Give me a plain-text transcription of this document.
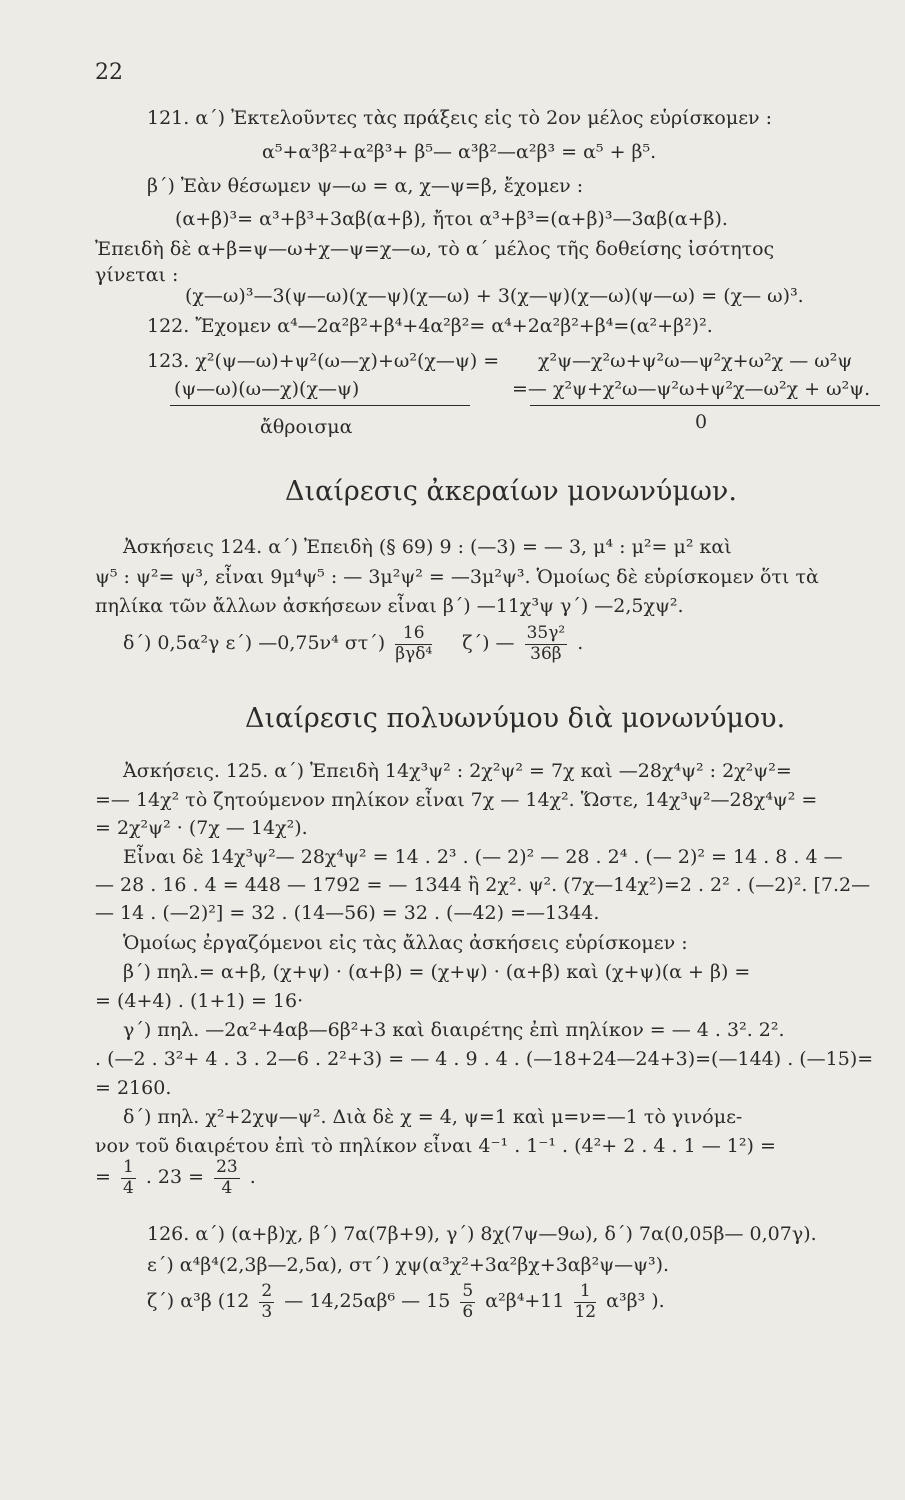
22
121. α΄) Ἐκτελοῦντες τὰς πράξεις εἰς τὸ 2ον μέλος εὑρίσκομεν :
α⁵+α³β²+α²β³+ β⁵— α³β²—α²β³ = α⁵ + β⁵.
β΄) Ἐὰν θέσωμεν ψ—ω = α, χ—ψ=β, ἔχομεν :
(α+β)³= α³+β³+3αβ(α+β), ἤτοι α³+β³=(α+β)³—3αβ(α+β).
Ἐπειδὴ δὲ α+β=ψ—ω+χ—ψ=χ—ω, τὸ α΄ μέλος τῆς δοθείσης ἰσότητος
γίνεται :
(χ—ω)³—3(ψ—ω)(χ—ψ)(χ—ω) + 3(χ—ψ)(χ—ω)(ψ—ω) = (χ— ω)³.
122. Ἔχομεν α⁴—2α²β²+β⁴+4α²β²= α⁴+2α²β²+β⁴=(α²+β²)².
123. χ²(ψ—ω)+ψ²(ω—χ)+ω²(χ—ψ) = χ²ψ—χ²ω+ψ²ω—ψ²χ+ω²χ — ω²ψ
(ψ—ω)(ω—χ)(χ—ψ)	=— χ²ψ+χ²ω—ψ²ω+ψ²χ—ω²χ + ω²ψ.
ἄθροισμα	0
Διαίρεσις ἀκεραίων μονωνύμων.
Ἀσκήσεις 124. α΄) Ἐπειδὴ (§ 69) 9 : (—3) = — 3, μ⁴ : μ²= μ² καὶ
ψ⁵ : ψ²= ψ³, εἶναι 9μ⁴ψ⁵ : — 3μ²ψ² = —3μ²ψ³. Ὁμοίως δὲ εὑρίσκομεν ὅτι τὰ
πηλίκα τῶν ἄλλων ἀσκήσεων εἶναι β΄) —11χ³ψ γ΄) —2,5χψ².
δ΄) 0,5α²γ ε΄) —0,75ν⁴ $\sigma\tau΄) \frac{16}{\text{βγδ⁴}} \zeta΄$) — $\frac{\text{35γ²}}{36\beta}$ .
Διαίρεσις πολυωνύμου διὰ μονωνύμου.
Ἀσκήσεις. 125. α΄) Ἐπειδὴ 14χ³ψ² : 2χ²ψ² = 7χ καὶ —28χ⁴ψ² : 2χ²ψ²=
=— 14χ² τὸ ζητούμενον πηλίκον εἶναι 7χ — 14χ². Ὥστε, 14χ³ψ²—28χ⁴ψ² =
= 2χ²ψ² · (7χ — 14χ²).
Εἶναι δὲ 14χ³ψ²— 28χ⁴ψ² = 14 . 2³ . (— 2)² — 28 . 2⁴ . (— 2)² = 14 . 8 . 4 —
— 28 . 16 . 4 = 448 — 1792 = — 1344 ἢ 2χ². ψ². (7χ—14χ²)=2 . 2² . (—2)². [7.2—
— 14 . (—2)²] = 32 . (14—56) = 32 . (—42) =—1344.
Ὁμοίως ἐργαζόμενοι εἰς τὰς ἄλλας ἀσκήσεις εὑρίσκομεν :
β΄) πηλ.= α+β, (χ+ψ) · (α+β) = (χ+ψ) · (α+β) καὶ (χ+ψ)(α + β) =
= (4+4) . (1+1) = 16·
γ΄) πηλ. —2α²+4αβ—6β²+3 καὶ διαιρέτης ἐπὶ πηλίκον = — 4 . 3². 2².
. (—2 . 3²+ 4 . 3 . 2—6 . 2²+3) = — 4 . 9 . 4 . (—18+24—24+3)=(—144) . (—15)=
= 2160.
δ΄) πηλ. χ²+2χψ—ψ². Διὰ δὲ χ = 4, ψ=1 καὶ μ=ν=—1 τὸ γινόμε-
νον τοῦ διαιρέτου ἐπὶ τὸ πηλίκον εἶναι 4⁻¹ . 1⁻¹ . (4²+ 2 . 4 . 1 — 1²) =
= $\frac{1}{4}$ . $23 = \frac{23}{4}$ .
126. α΄) (α+β)χ, β΄) 7α(7β+9), γ΄) 8χ(7ψ—9ω), δ΄) 7α(0,05β— 0,07γ).
ε΄) α⁴β⁴(2,3β—2,5α), στ΄) χψ(α³χ²+3α²βχ+3αβ²ψ—ψ³).
ζ΄) α³β ($12 \frac{2}{3}$ — 14,25αβ⁶ — $15 \frac{5}{6} \alpha^2\beta^4+11 \frac{1}{12} \alpha^3\beta^3$ ).
